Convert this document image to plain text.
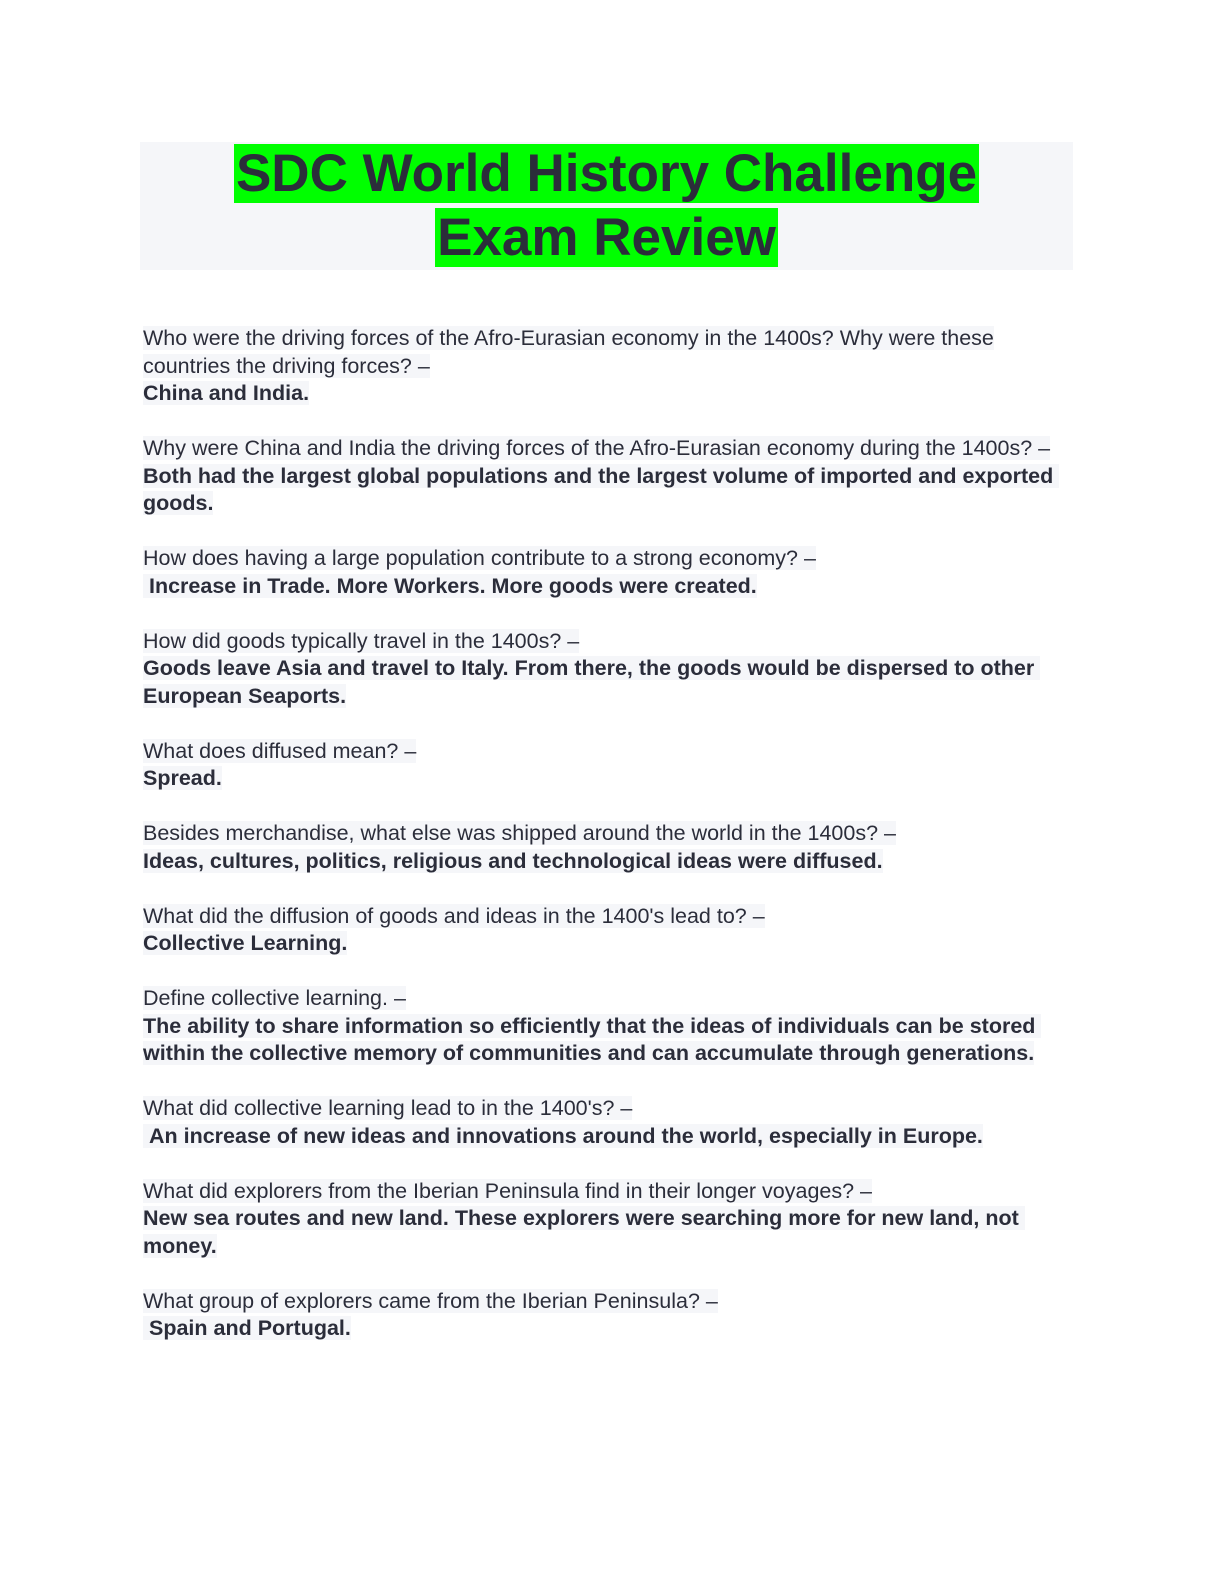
SDC World History Challenge
Exam Review
Who were the driving forces of the Afro-Eurasian economy in the 1400s? Why were these countries the driving forces? –
China and India.
Why were China and India the driving forces of the Afro-Eurasian economy during the 1400s? –
Both had the largest global populations and the largest volume of imported and exported goods.
How does having a large population contribute to a strong economy? –
Increase in Trade. More Workers. More goods were created.
How did goods typically travel in the 1400s? –
Goods leave Asia and travel to Italy. From there, the goods would be dispersed to other European Seaports.
What does diffused mean? –
Spread.
Besides merchandise, what else was shipped around the world in the 1400s? –
Ideas, cultures, politics, religious and technological ideas were diffused.
What did the diffusion of goods and ideas in the 1400's lead to? –
Collective Learning.
Define collective learning. –
The ability to share information so efficiently that the ideas of individuals can be stored within the collective memory of communities and can accumulate through generations.
What did collective learning lead to in the 1400's? –
An increase of new ideas and innovations around the world, especially in Europe.
What did explorers from the Iberian Peninsula find in their longer voyages? –
New sea routes and new land. These explorers were searching more for new land, not money.
What group of explorers came from the Iberian Peninsula? –
Spain and Portugal.
